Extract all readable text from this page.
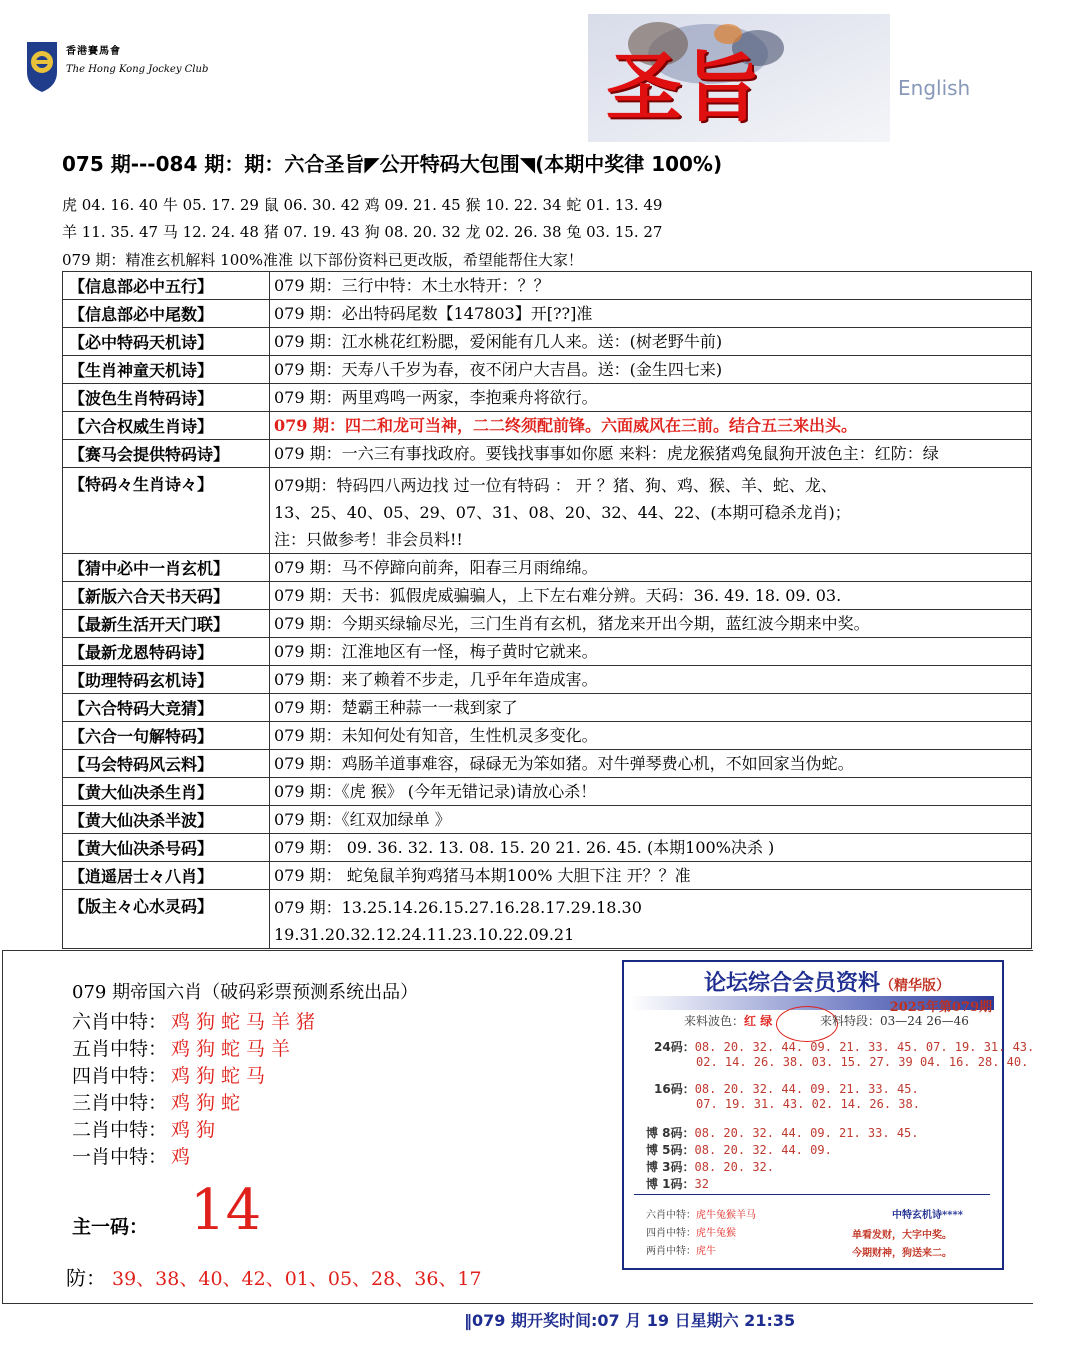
香港賽馬會
The Hong Kong Jockey Club	圣旨	English
075 期---084 期：期：六合圣旨◤公开特码大包围◥(本期中奖律 100%)
虎 04. 16. 40 牛 05. 17. 29 鼠 06. 30. 42 鸡 09. 21. 45 猴 10. 22. 34 蛇 01. 13. 49
羊 11. 35. 47 马 12. 24. 48 猪 07. 19. 43 狗 08. 20. 32 龙 02. 26. 38 兔 03. 15. 27
079 期：精准玄机解料 100%准准 以下部份资料已更改版，希望能帮住大家！
【信息部必中五行】	079 期：三行中特：木土水特开：？？
【信息部必中尾数】	079 期：必出特码尾数【147803】开[??]准
【必中特码天机诗】	079 期：江水桃花红粉腮，爱闲能有几人来。送：(树老野牛前)
【生肖神童天机诗】	079 期：天寿八千岁为春，夜不闭户大吉昌。送：(金生四七来)
【波色生肖特码诗】	079 期：两里鸡鸣一两家，李抱乘舟将欲行。
【六合权威生肖诗】	079 期：四二和龙可当神，二二终须配前锋。六面威风在三前。结合五三来出头。
【赛马会提供特码诗】	079 期：一六三有事找政府。要钱找事事如你愿 来料：虎龙猴猪鸡兔鼠狗开波色主：红防：绿
【特码々生肖诗々】	079期：特码四八两边找 过一位有特码 ： 开 ？猪、狗、鸡、猴、羊、蛇、龙、
13、25、40、05、29、07、31、08、20、32、44、22、(本期可稳杀龙肖)；
注：只做参考！非会员料!!

【猜中必中一肖玄机】	079 期：马不停蹄向前奔，阳春三月雨绵绵。
【新版六合天书天码】	079 期：天书：狐假虎威骗骗人，上下左右难分辨。天码：36. 49. 18. 09. 03.
【最新生活开天门联】	079 期：今期买绿输尽光，三门生肖有玄机，猪龙来开出今期，蓝红波今期来中奖。
【最新龙恩特码诗】	079 期：江淮地区有一怪，梅子黄时它就来。
【助理特码玄机诗】	079 期：来了赖着不步走，几乎年年造成害。
【六合特码大竞猜】	079 期：楚霸王种蒜一一栽到家了
【六合一句解特码】	079 期：未知何处有知音，生性机灵多变化。
【马会特码风云料】	079 期：鸡肠羊道事难容，碌碌无为笨如猪。对牛弹琴费心机，不如回家当伪蛇。
【黄大仙决杀生肖】	079 期：《虎 猴》 (今年无错记录)请放心杀！
【黄大仙决杀半波】	079 期：《红双加绿单 》
【黄大仙决杀号码】	079 期： 09. 36. 32. 13. 08. 15. 20 21. 26. 45. (本期100%决杀 )
【逍遥居士々八肖】	079 期： 蛇兔鼠羊狗鸡猪马本期100% 大胆下注 开？？准
【版主々心水灵码】	079 期：13.25.14.26.15.27.16.28.17.29.18.30
19.31.20.32.12.24.11.23.10.22.09.21
079 期帝国六肖（破码彩票预测系统出品）
六肖中特： 鸡狗蛇马羊猪
五肖中特： 鸡狗蛇马羊
四肖中特： 鸡狗蛇马
三肖中特： 鸡狗蛇
二肖中特： 鸡狗
一肖中特： 鸡
主一码： 14
防： 39、38、40、42、01、05、28、36、17
论坛综合会员资料（精华版）
2025年第079期
来料波色：红 绿	来料特段：03—24 26—46
24码：08. 20. 32. 44. 09. 21. 33. 45. 07. 19. 31. 43.
02. 14. 26. 38. 03. 15. 27. 39 04. 16. 28. 40.
16码：08. 20. 32. 44. 09. 21. 33. 45.
07. 19. 31. 43. 02. 14. 26. 38.
博 8码：08. 20. 32. 44. 09. 21. 33. 45.
博 5码：08. 20. 32. 44. 09.
博 3码：08. 20. 32.
博 1码：32
六肖中特：虎牛兔猴羊马
四肖中特：虎牛兔猴
两肖中特：虎牛
中特玄机诗****
单看发财，大字中奖。
今期财神，狗送来二。
‖079 期开奖时间:07 月 19 日星期六 21:35
